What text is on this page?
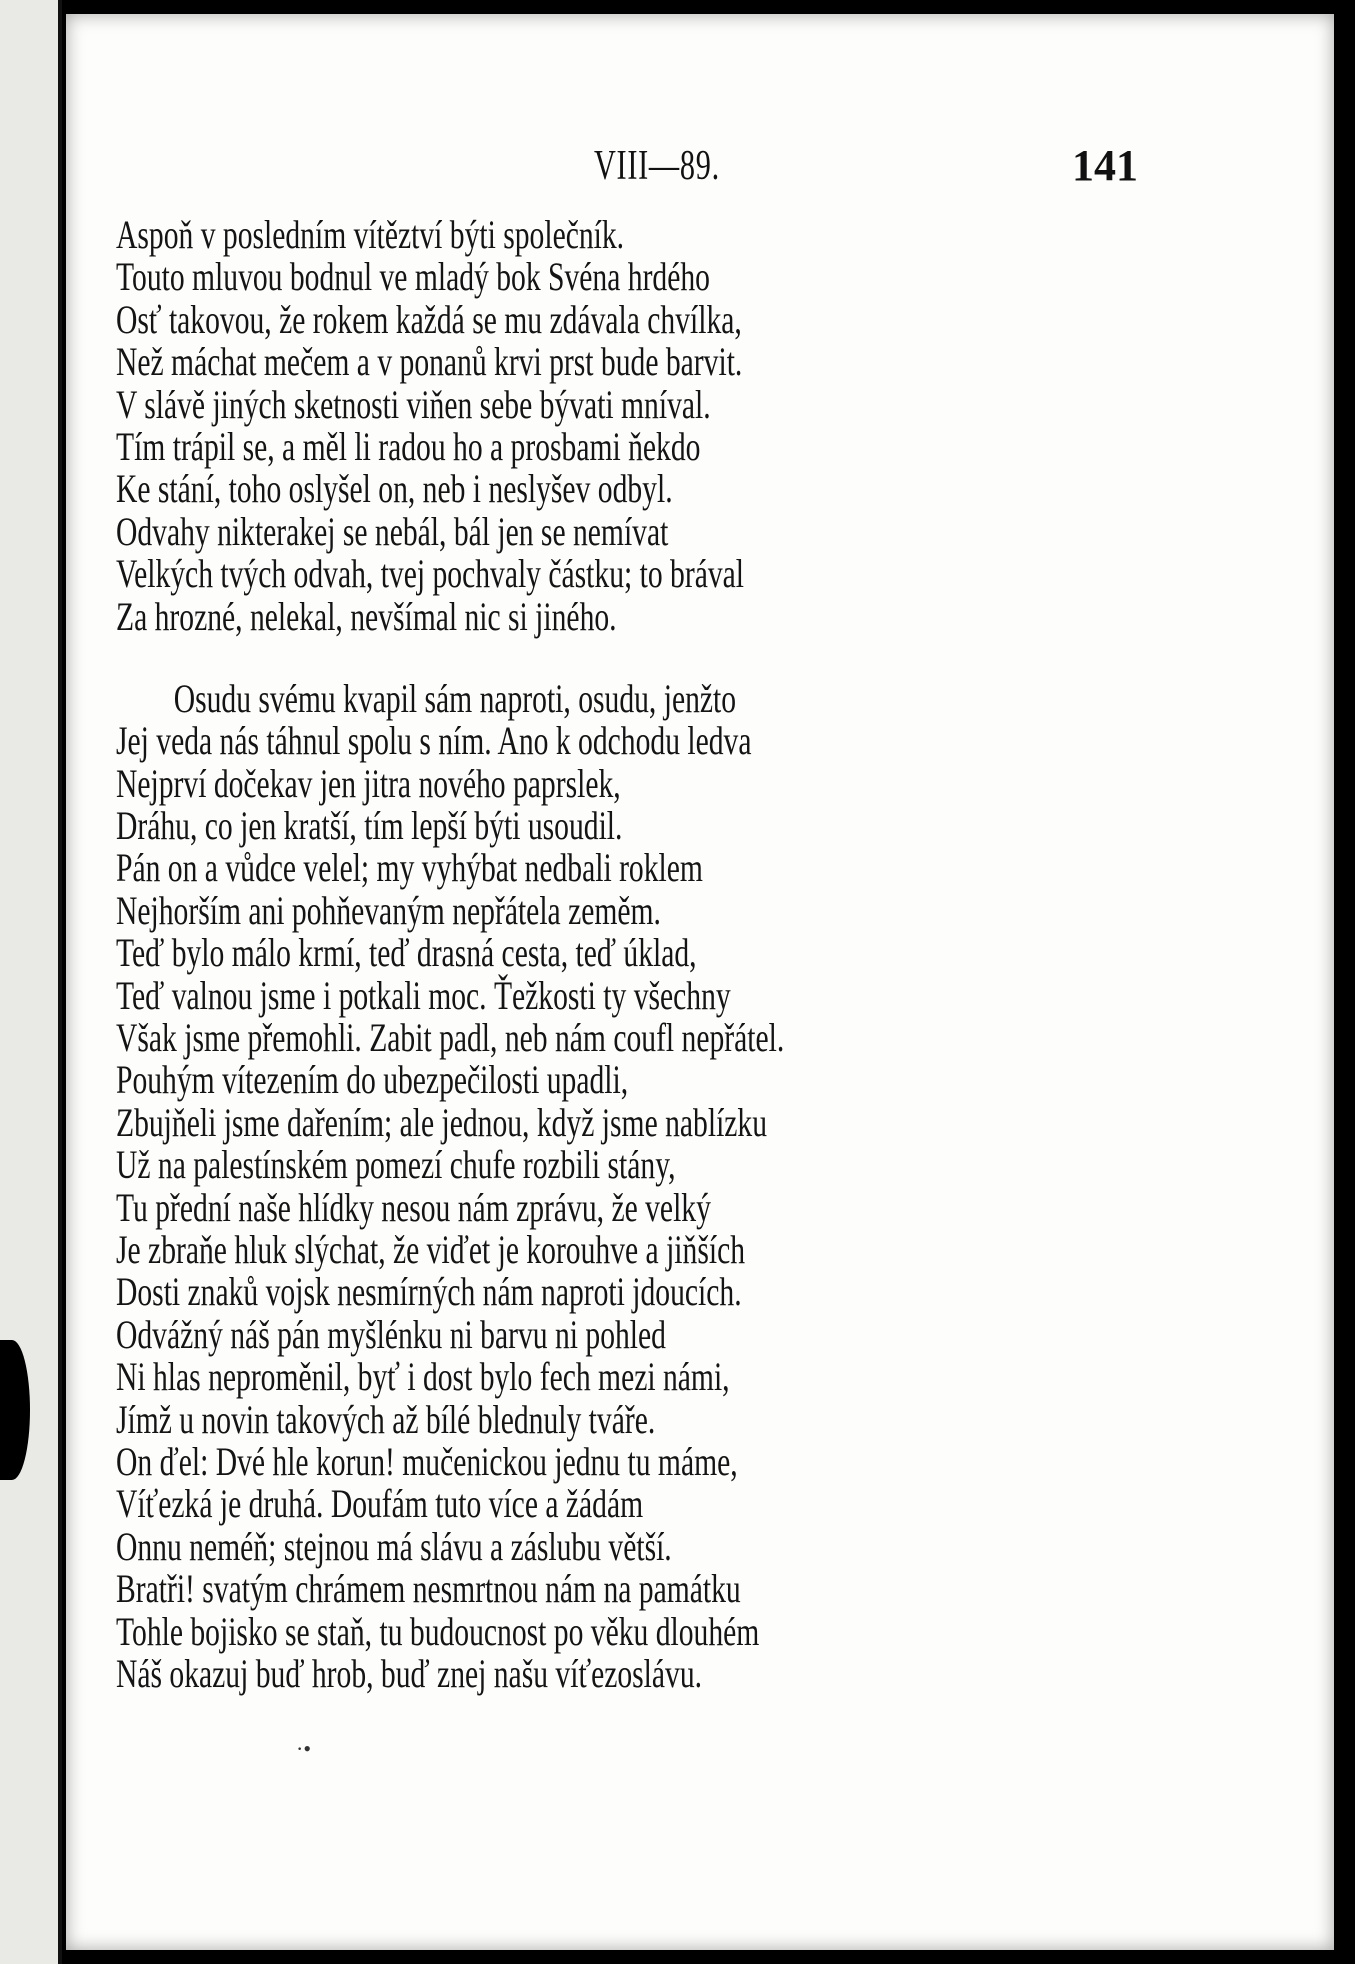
VIII—89.	141
Aspoň v posledním vítěztví býti společník.
Touto mluvou bodnul ve mladý bok Svéna hrdého
Osť takovou, že rokem každá se mu zdávala chvílka,
Než máchat mečem a v ponanů krvi prst bude barvit.
V slávě jiných sketnosti viňen sebe bývati mníval.
Tím trápil se, a měl li radou ho a prosbami ňekdo
Ke stání, toho oslyšel on, neb i neslyšev odbyl.
Odvahy nikterakej se nebál, bál jen se nemívat
Velkých tvých odvah, tvej pochvaly částku; to brával
Za hrozné, nelekal, nevšímal nic si jiného.
Osudu svému kvapil sám naproti, osudu, jenžto
Jej veda nás táhnul spolu s ním. Ano k odchodu ledva
Nejprví dočekav jen jitra nového paprslek,
Dráhu, co jen kratší, tím lepší býti usoudil.
Pán on a vůdce velel; my vyhýbat nedbali roklem
Nejhorším ani pohňevaným nepřátela zeměm.
Teď bylo málo krmí, teď drasná cesta, teď úklad,
Teď valnou jsme i potkali moc. Ťežkosti ty všechny
Však jsme přemohli. Zabit padl, neb nám coufl nepřátel.
Pouhým vítezením do ubezpečilosti upadli,
Zbujňeli jsme dařením; ale jednou, když jsme nablízku
Už na palestínském pomezí chufe rozbili stány,
Tu přední naše hlídky nesou nám zprávu, že velký
Je zbraňe hluk slýchat, že viďet je korouhve a jiňších
Dosti znaků vojsk nesmírných nám naproti jdoucích.
Odvážný náš pán myšlénku ni barvu ni pohled
Ni hlas neproměnil, byť i dost bylo fech mezi námi,
Jímž u novin takových až bílé blednuly tváře.
On ďel: Dvé hle korun! mučenickou jednu tu máme,
Víťezká je druhá. Doufám tuto více a žádám
Onnu neméň; stejnou má slávu a záslubu větší.
Bratři! svatým chrámem nesmrtnou nám na památku
Tohle bojisko se staň, tu budoucnost po věku dlouhém
Náš okazuj buď hrob, buď znej našu víťezoslávu.
·•
